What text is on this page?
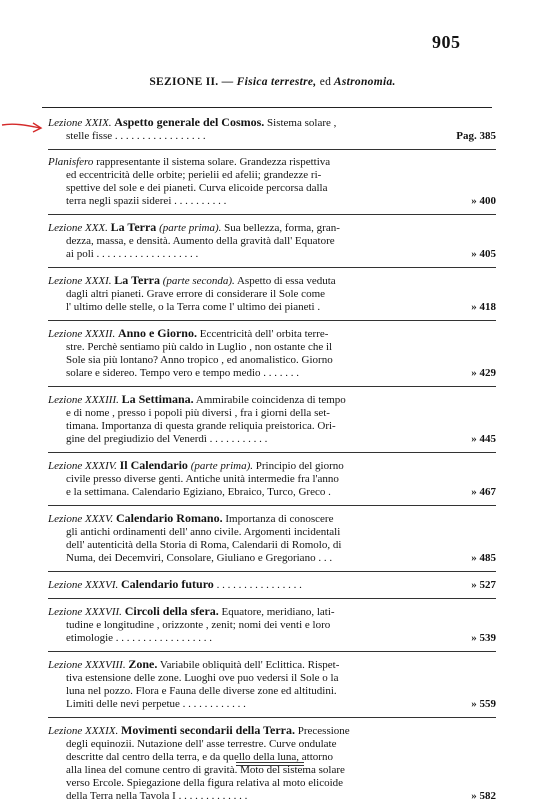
905
SEZIONE II. — Fisica terrestre, ed Astronomia.
Lezione XXIX. Aspetto generale del Cosmos. Sistema solare ,
stelle fisse . . . . . . . . . . . . . . . . .	Pag. 385
Planisfero rappresentante il sistema solare. Grandezza rispettiva
ed eccentricità delle orbite; perielii ed afelii; grandezze ri-
spettive del sole e dei pianeti. Curva elicoide percorsa dalla
terra negli spazii siderei . . . . . . . . . .	» 400
Lezione XXX. La Terra (parte prima). Sua bellezza, forma, gran-
dezza, massa, e densità. Aumento della gravità dall' Equatore
ai poli . . . . . . . . . . . . . . . . . . .	» 405
Lezione XXXI. La Terra (parte seconda). Aspetto di essa veduta
dagli altri pianeti. Grave errore di considerare il Sole come
l' ultimo delle stelle, o la Terra come l' ultimo dei pianeti .	» 418
Lezione XXXII. Anno e Giorno. Eccentricità dell' orbita terre-
stre. Perchè sentiamo più caldo in Luglio , non ostante che il
Sole sia più lontano? Anno tropico , ed anomalistico. Giorno
solare e sidereo. Tempo vero e tempo medio . . . . . . .	» 429
Lezione XXXIII. La Settimana. Ammirabile coincidenza di tempo
e di nome , presso i popoli più diversi , fra i giorni della set-
timana. Importanza di questa grande reliquia preistorica. Ori-
gine del pregiudizio del Venerdì . . . . . . . . . . .	» 445
Lezione XXXIV. Il Calendario (parte prima). Principio del giorno
civile presso diverse genti. Antiche unità intermedie fra l'anno
e la settimana. Calendario Egiziano, Ebraico, Turco, Greco .	» 467
Lezione XXXV. Calendario Romano. Importanza di conoscere
gli antichi ordinamenti dell' anno civile. Argomenti incidentali
dell' autenticità della Storia di Roma, Calendarii di Romolo, di
Numa, dei Decemviri, Consolare, Giuliano e Gregoriano . . .	» 485
Lezione XXXVI. Calendario futuro . . . . . . . . . . . . . . . .	» 527
Lezione XXXVII. Circoli della sfera. Equatore, meridiano, lati-
tudine e longitudine , orizzonte , zenit; nomi dei venti e loro
etimologie . . . . . . . . . . . . . . . . . .	» 539
Lezione XXXVIII. Zone. Variabile obliquità dell' Eclittica. Rispet-
tiva estensione delle zone. Luoghi ove puo vedersi il Sole o la
luna nel pozzo. Flora e Fauna delle diverse zone ed altitudini.
Limiti delle nevi perpetue . . . . . . . . . . . .	» 559
Lezione XXXIX. Movimenti secondarii della Terra. Precessione
degli equinozii. Nutazione dell' asse terrestre. Curve ondulate
descritte dal centro della terra, e da quello della luna, attorno
alla linea del comune centro di gravità. Moto del sistema solare
verso Ercole. Spiegazione della figura relativa al moto elicoide
della Terra nella Tavola I . . . . . . . . . . . . .	» 582
